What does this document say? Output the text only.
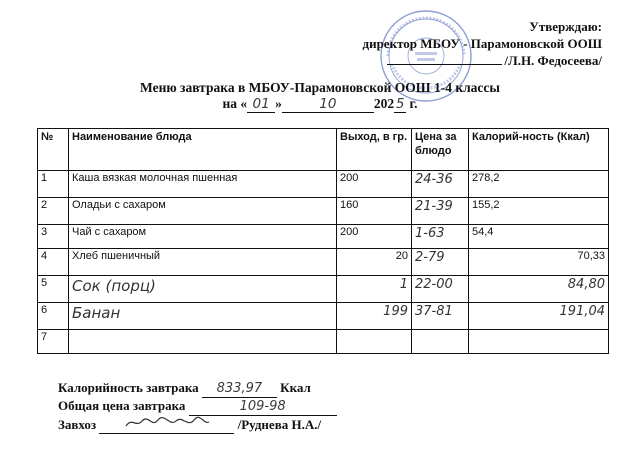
Утверждаю:
директор МБОУ - Парамоновской ООШ
/Л.Н. Федосеева/
Меню завтрака в МБОУ-Парамоновской ООШ 1-4 классы
на « 01 »	10	202 5 г.
№	Наименование блюда	Выход, в гр.	Цена за блюдо	Калорий-ность (Ккал)
1	Каша вязкая молочная пшенная	200	24-36	278,2
2	Оладьи с сахаром	160	21-39	155,2
3	Чай с сахаром	200	1-63	54,4
4	Хлеб пшеничный	20	2-79	70,33
5	Сок (порц)	1	22-00	84,80
6	Банан	199	37-81	191,04
7				
Калорийность завтрака 833,97 Ккал
Общая цена завтрака	109-98
Завхоз	/Руднева Н.А./
